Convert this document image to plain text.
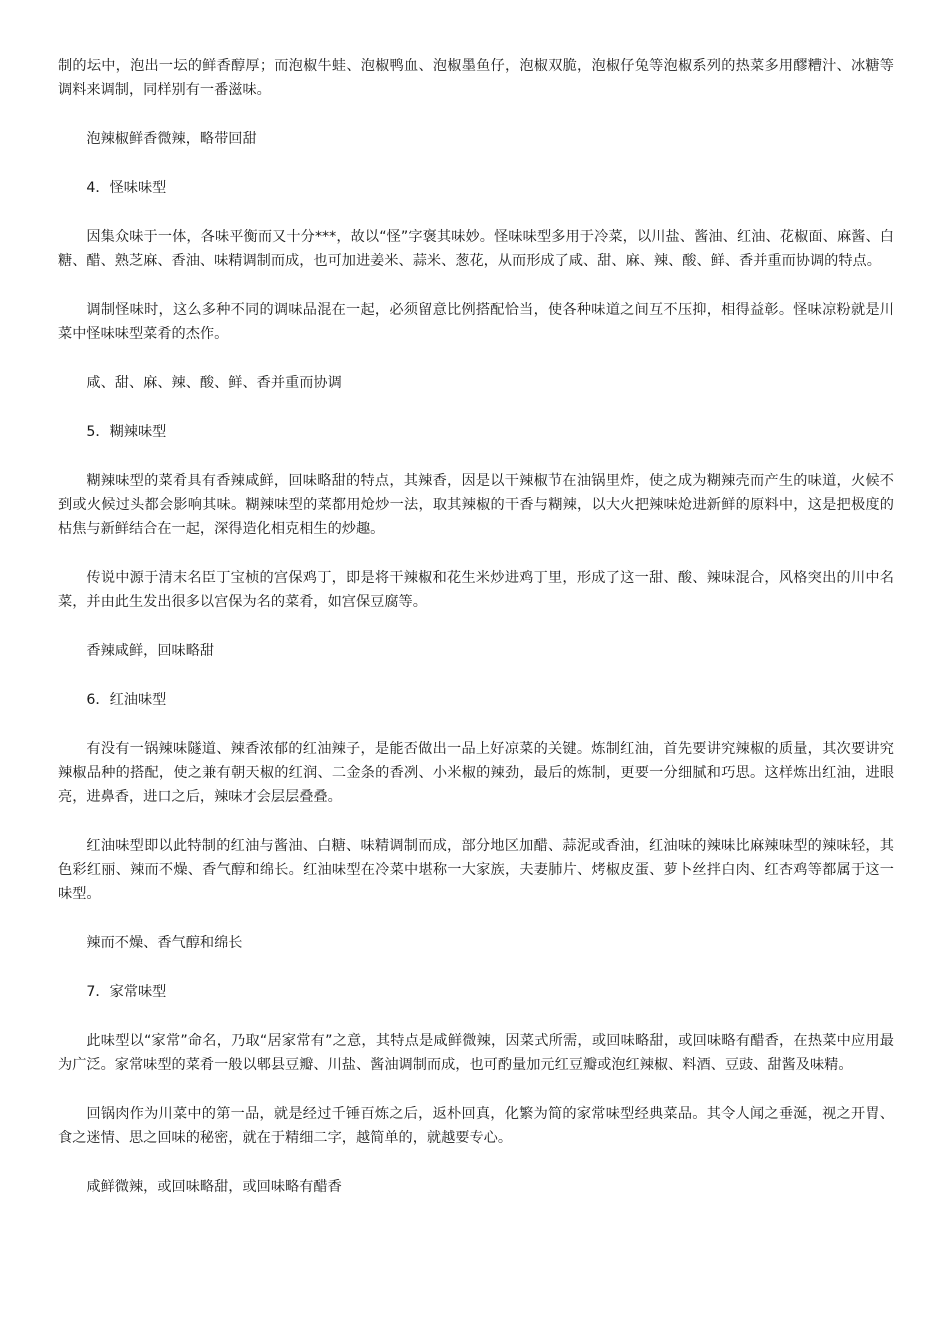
制的坛中，泡出一坛的鲜香醇厚；而泡椒牛蛙、泡椒鸭血、泡椒墨鱼仔，泡椒双脆，泡椒仔兔等泡椒系列的热菜多用醪糟汁、冰糖等调料来调制，同样别有一番滋味。

泡辣椒鲜香微辣，略带回甜

4．怪味味型

因集众味于一体，各味平衡而又十分***，故以“怪”字褒其味妙。怪味味型多用于冷菜，以川盐、酱油、红油、花椒面、麻酱、白糖、醋、熟芝麻、香油、味精调制而成，也可加进姜米、蒜米、葱花，从而形成了咸、甜、麻、辣、酸、鲜、香并重而协调的特点。

调制怪味时，这么多种不同的调味品混在一起，必须留意比例搭配恰当，使各种味道之间互不压抑，相得益彰。怪味凉粉就是川菜中怪味味型菜肴的杰作。

咸、甜、麻、辣、酸、鲜、香并重而协调

5．糊辣味型

糊辣味型的菜肴具有香辣咸鲜，回味略甜的特点，其辣香，因是以干辣椒节在油锅里炸，使之成为糊辣壳而产生的味道，火候不到或火候过头都会影响其味。糊辣味型的菜都用炝炒一法，取其辣椒的干香与糊辣，以大火把辣味炝进新鲜的原料中，这是把极度的枯焦与新鲜结合在一起，深得造化相克相生的炒趣。

传说中源于清末名臣丁宝桢的宫保鸡丁，即是将干辣椒和花生米炒进鸡丁里，形成了这一甜、酸、辣味混合，风格突出的川中名菜，并由此生发出很多以宫保为名的菜肴，如宫保豆腐等。

香辣咸鲜，回味略甜

6．红油味型

有没有一锅辣味隧道、辣香浓郁的红油辣子，是能否做出一品上好凉菜的关键。炼制红油，首先要讲究辣椒的质量，其次要讲究辣椒品种的搭配，使之兼有朝天椒的红润、二金条的香冽、小米椒的辣劲，最后的炼制，更要一分细腻和巧思。这样炼出红油，进眼亮，进鼻香，进口之后，辣味才会层层叠叠。

红油味型即以此特制的红油与酱油、白糖、味精调制而成，部分地区加醋、蒜泥或香油，红油味的辣味比麻辣味型的辣味轻，其色彩红丽、辣而不燥、香气醇和绵长。红油味型在冷菜中堪称一大家族，夫妻肺片、烤椒皮蛋、萝卜丝拌白肉、红杏鸡等都属于这一味型。

辣而不燥、香气醇和绵长

7．家常味型

此味型以“家常”命名，乃取“居家常有”之意，其特点是咸鲜微辣，因菜式所需，或回味略甜，或回味略有醋香，在热菜中应用最为广泛。家常味型的菜肴一般以郫县豆瓣、川盐、酱油调制而成，也可酌量加元红豆瓣或泡红辣椒、料酒、豆豉、甜酱及味精。

回锅肉作为川菜中的第一品，就是经过千锤百炼之后，返朴回真，化繁为简的家常味型经典菜品。其令人闻之垂涎，视之开胃、食之迷情、思之回味的秘密，就在于精细二字，越简单的，就越要专心。

咸鲜微辣，或回味略甜，或回味略有醋香
